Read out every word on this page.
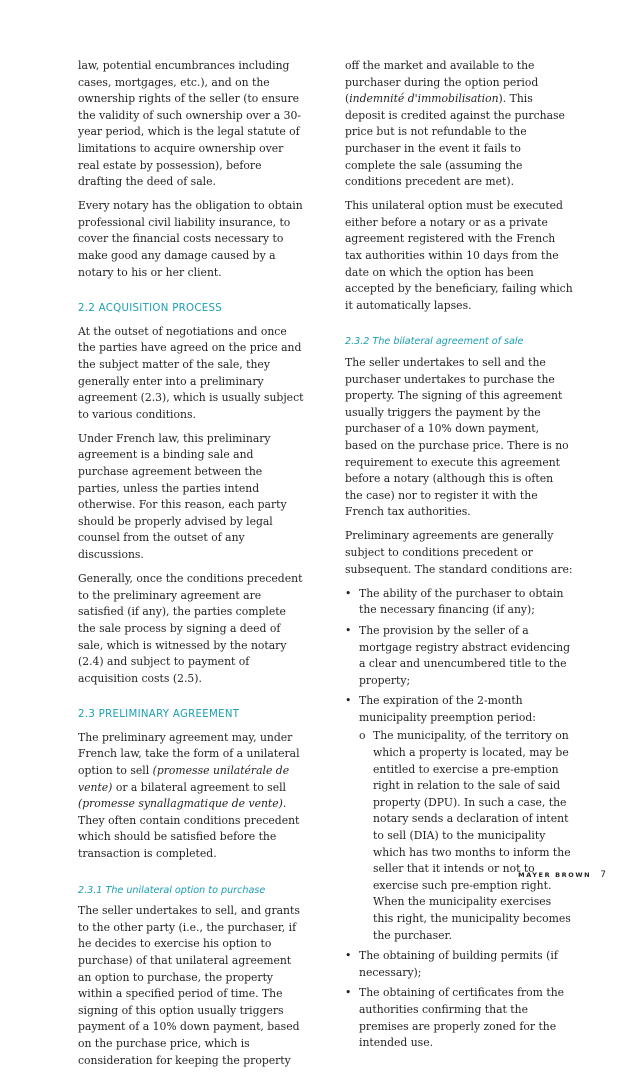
law, potential encumbrances including cases, mortgages, etc.), and on the ownership rights of the seller (to ensure the validity of such ownership over a 30-year period, which is the legal statute of limitations to acquire ownership over real estate by possession), before drafting the deed of sale.

Every notary has the obligation to obtain professional civil liability insurance, to cover the financial costs necessary to make good any damage caused by a notary to his or her client.

2.2 ACQUISITION PROCESS

At the outset of negotiations and once the parties have agreed on the price and the subject matter of the sale, they generally enter into a preliminary agreement (2.3), which is usually subject to various conditions.

Under French law, this preliminary agreement is a binding sale and purchase agreement between the parties, unless the parties intend otherwise. For this reason, each party should be properly advised by legal counsel from the outset of any discussions.

Generally, once the conditions precedent to the preliminary agreement are satisfied (if any), the parties complete the sale process by signing a deed of sale, which is witnessed by the notary (2.4) and subject to payment of acquisition costs (2.5).

2.3 PRELIMINARY AGREEMENT

The preliminary agreement may, under French law, take the form of a unilateral option to sell (promesse unilatérale de vente) or a bilateral agreement to sell (promesse synallagmatique de vente). They often contain conditions precedent which should be satisfied before the transaction is completed.

2.3.1 The unilateral option to purchase

The seller undertakes to sell, and grants to the other party (i.e., the purchaser, if he decides to exercise his option to purchase) of that unilateral agreement an option to purchase, the property within a specified period of time. The signing of this option usually triggers payment of a 10% down payment, based on the purchase price, which is consideration for keeping the property

off the market and available to the purchaser during the option period (indemnité d'immobilisation). This deposit is credited against the purchase price but is not refundable to the purchaser in the event it fails to complete the sale (assuming the conditions precedent are met).

This unilateral option must be executed either before a notary or as a private agreement registered with the French tax authorities within 10 days from the date on which the option has been accepted by the beneficiary, failing which it automatically lapses.

2.3.2 The bilateral agreement of sale

The seller undertakes to sell and the purchaser undertakes to purchase the property. The signing of this agreement usually triggers the payment by the purchaser of a 10% down payment, based on the purchase price. There is no requirement to execute this agreement before a notary (although this is often the case) nor to register it with the French tax authorities.

Preliminary agreements are generally subject to conditions precedent or subsequent. The standard conditions are:

• The ability of the purchaser to obtain the necessary financing (if any);
• The provision by the seller of a mortgage registry abstract evidencing a clear and unencumbered title to the property;
• The expiration of the 2-month municipality preemption period:
o The municipality, of the territory on which a property is located, may be entitled to exercise a pre-emption right in relation to the sale of said property (DPU). In such a case, the notary sends a declaration of intent to sell (DIA) to the municipality which has two months to inform the seller that it intends or not to exercise such pre-emption right. When the municipality exercises this right, the municipality becomes the purchaser.
• The obtaining of building permits (if necessary);
• The obtaining of certificates from the authorities confirming that the premises are properly zoned for the intended use.
MAYER BROWN 7
